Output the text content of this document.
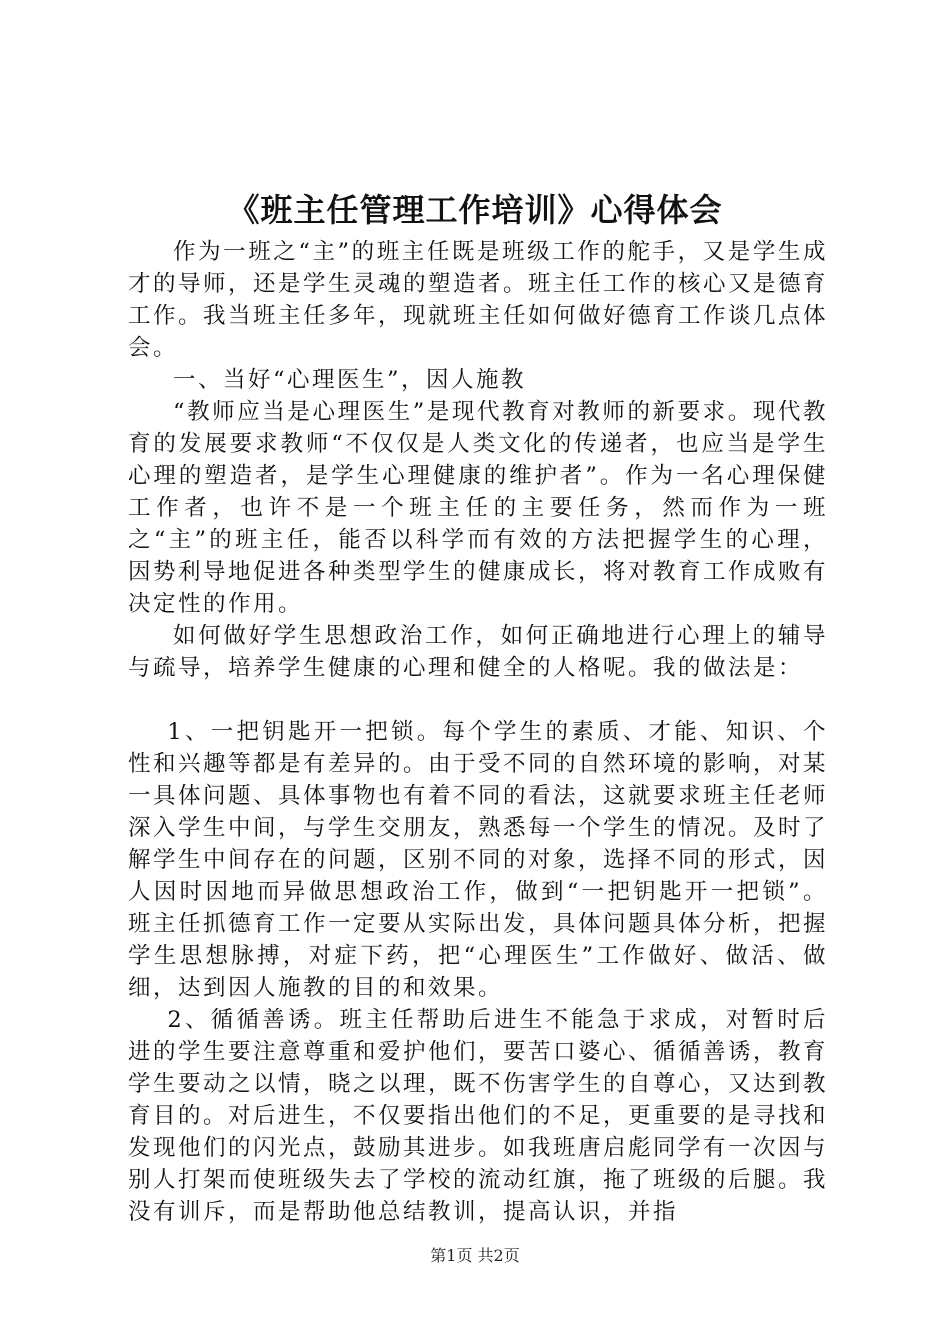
《班主任管理工作培训》心得体会

作为一班之“主”的班主任既是班级工作的舵手，又是学生成才的导师，还是学生灵魂的塑造者。班主任工作的核心又是德育工作。我当班主任多年，现就班主任如何做好德育工作谈几点体会。

一、当好“心理医生”，因人施教

“教师应当是心理医生”是现代教育对教师的新要求。现代教育的发展要求教师“不仅仅是人类文化的传递者，也应当是学生心理的塑造者，是学生心理健康的维护者”。作为一名心理保健工作者，也许不是一个班主任的主要任务，然而作为一班之“主”的班主任，能否以科学而有效的方法把握学生的心理，因势利导地促进各种类型学生的健康成长，将对教育工作成败有决定性的作用。

如何做好学生思想政治工作，如何正确地进行心理上的辅导与疏导，培养学生健康的心理和健全的人格呢。我的做法是：

1、一把钥匙开一把锁。每个学生的素质、才能、知识、个性和兴趣等都是有差异的。由于受不同的自然环境的影响，对某一具体问题、具体事物也有着不同的看法，这就要求班主任老师深入学生中间，与学生交朋友，熟悉每一个学生的情况。及时了解学生中间存在的问题，区别不同的对象，选择不同的形式，因人因时因地而异做思想政治工作，做到“一把钥匙开一把锁”。班主任抓德育工作一定要从实际出发，具体问题具体分析，把握学生思想脉搏，对症下药，把“心理医生”工作做好、做活、做细，达到因人施教的目的和效果。

2、循循善诱。班主任帮助后进生不能急于求成，对暂时后进的学生要注意尊重和爱护他们，要苦口婆心、循循善诱，教育学生要动之以情，晓之以理，既不伤害学生的自尊心，又达到教育目的。对后进生，不仅要指出他们的不足，更重要的是寻找和发现他们的闪光点，鼓励其进步。如我班唐启彪同学有一次因与别人打架而使班级失去了学校的流动红旗，拖了班级的后腿。我没有训斥，而是帮助他总结教训，提高认识，并指

第1页 共2页
